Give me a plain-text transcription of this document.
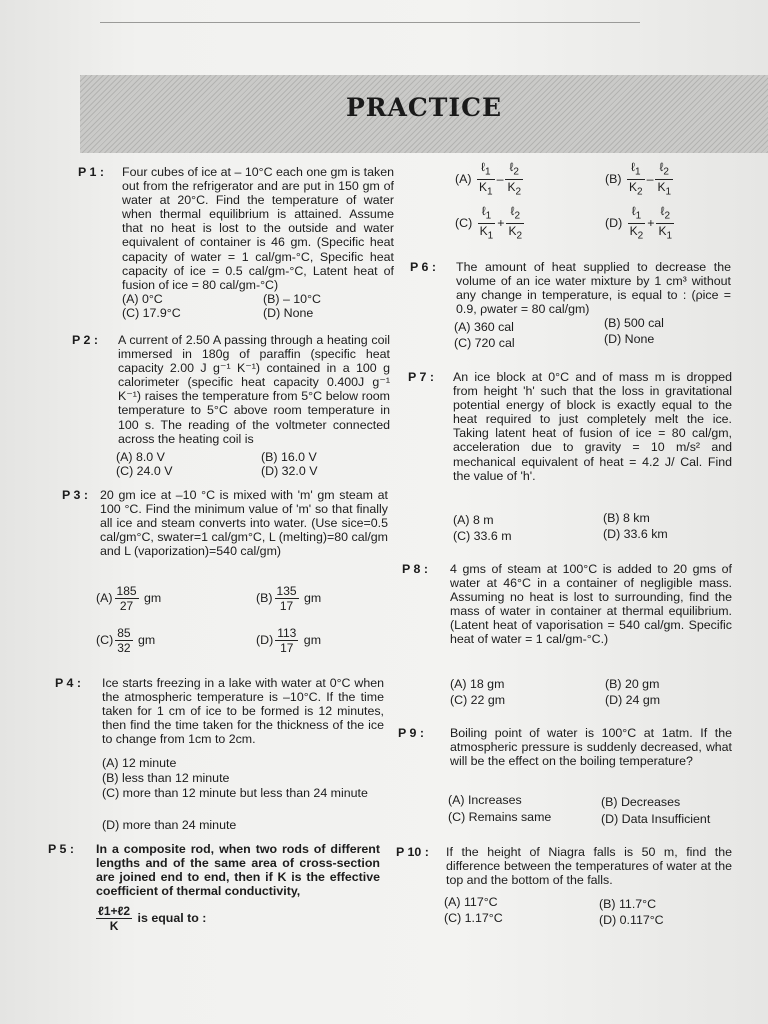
PRACTICE
P 1 : Four cubes of ice at – 10°C each one gm is taken out from the refrigerator and are put in 150 gm of water at 20°C. Find the temperature of water when thermal equilibrium is attained. Assume that no heat is lost to the outside and water equivalent of container is 46 gm. (Specific heat capacity of water = 1 cal/gm-°C, Specific heat capacity of ice = 0.5 cal/gm-°C, Latent heat of fusion of ice = 80 cal/gm-°C)
(A) 0°C	(B) – 10°C
(C) 17.9°C	(D) None
P 2 : A current of 2.50 A passing through a heating coil immersed in 180g of paraffin (specific heat capacity 2.00 J g⁻¹ K⁻¹) contained in a 100 g calorimeter (specific heat capacity 0.400J g⁻¹ K⁻¹) raises the temperature from 5°C below room temperature to 5°C above room temperature in 100 s. The reading of the voltmeter connected across the heating coil is
(A) 8.0 V	(B) 16.0 V
(C) 24.0 V	(D) 32.0 V
P 3 : 20 gm ice at –10 °C is mixed with 'm' gm steam at 100 °C. Find the minimum value of 'm' so that finally all ice and steam converts into water. (Use sice=0.5 cal/gm°C, swater=1 cal/gm°C, L (melting)=80 cal/gm and L (vaporization)=540 cal/gm)
$(A) \frac{185}{27}$ gm	$(B) \frac{135}{17}$ gm
$(C) \frac{85}{32}$ gm	$(D) \frac{113}{17}$ gm
P 4 : Ice starts freezing in a lake with water at 0°C when the atmospheric temperature is –10°C. If the time taken for 1 cm of ice to be formed is 12 minutes, then find the time taken for the thickness of the ice to change from 1cm to 2cm.
(A) 12 minute
(B) less than 12 minute
(C) more than 12 minute but less than 24 minute
(D) more than 24 minute
P 5 : In a composite rod, when two rods of different lengths and of the same area of cross-section are joined end to end, then if K is the effective coefficient of thermal conductivity,
$\frac{\text{ℓ1+ℓ2}}{K}$ is equal to :
$(A) \frac{\ell_1}{K_1} - \frac{\ell_2}{K_2}$	$(B) \frac{\ell_1}{K_2} - \frac{\ell_2}{K_1}$
$(C) \frac{\ell_1}{K_1} + \frac{\ell_2}{K_2}$	$(D) \frac{\ell_1}{K_2} + \frac{\ell_2}{K_1}$
P 6 : The amount of heat supplied to decrease the volume of an ice water mixture by 1 cm³ without any change in temperature, is equal to : (ρice = 0.9, ρwater = 80 cal/gm)
(A) 360 cal	(B) 500 cal
(C) 720 cal	(D) None
P 7 : An ice block at 0°C and of mass m is dropped from height 'h' such that the loss in gravitational potential energy of block is exactly equal to the heat required to just completely melt the ice. Taking latent heat of fusion of ice = 80 cal/gm, acceleration due to gravity = 10 m/s² and mechanical equivalent of heat = 4.2 J/ Cal. Find the value of 'h'.
(A) 8 m	(B) 8 km
(C) 33.6 m	(D) 33.6 km
P 8 : 4 gms of steam at 100°C is added to 20 gms of water at 46°C in a container of negligible mass. Assuming no heat is lost to surrounding, find the mass of water in container at thermal equilibrium. (Latent heat of vaporisation = 540 cal/gm. Specific heat of water = 1 cal/gm-°C.)
(A) 18 gm	(B) 20 gm
(C) 22 gm	(D) 24 gm
P 9 : Boiling point of water is 100°C at 1atm. If the atmospheric pressure is suddenly decreased, what will be the effect on the boiling temperature?
(A) Increases	(B) Decreases
(C) Remains same	(D) Data Insufficient
P 10 : If the height of Niagra falls is 50 m, find the difference between the temperatures of water at the top and the bottom of the falls.
(A) 117°C	(B) 11.7°C
(C) 1.17°C	(D) 0.117°C
